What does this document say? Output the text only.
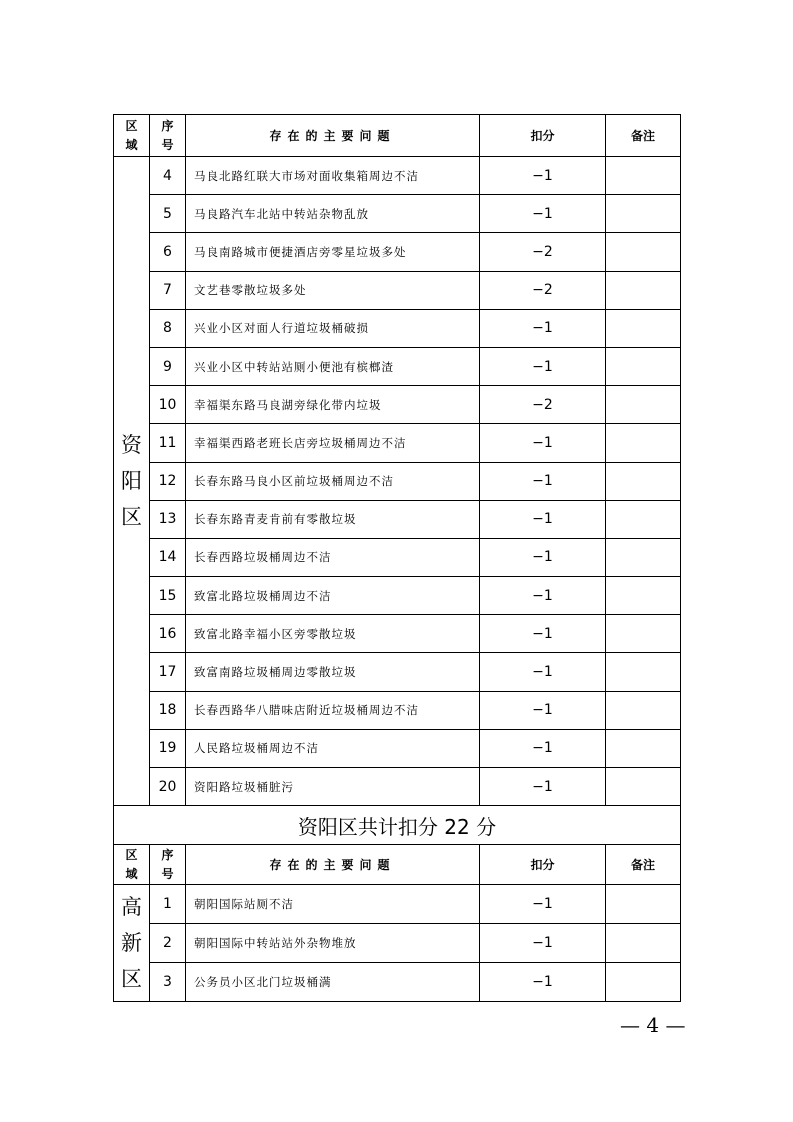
区
域	序
号	存在的主要问题	扣分	备注

资
阳
区	4	马良北路红联大市场对面收集箱周边不洁	−1	
	5	马良路汽车北站中转站杂物乱放	−1	
	6	马良南路城市便捷酒店旁零星垃圾多处	−2	
	7	文艺巷零散垃圾多处	−2	
	8	兴业小区对面人行道垃圾桶破损	−1	
	9	兴业小区中转站站厕小便池有槟榔渣	−1	
	10	幸福渠东路马良湖旁绿化带内垃圾	−2	
	11	幸福渠西路老班长店旁垃圾桶周边不洁	−1	
	12	长春东路马良小区前垃圾桶周边不洁	−1	
	13	长春东路青麦肯前有零散垃圾	−1	
	14	长春西路垃圾桶周边不洁	−1	
	15	致富北路垃圾桶周边不洁	−1	
	16	致富北路幸福小区旁零散垃圾	−1	
	17	致富南路垃圾桶周边零散垃圾	−1	
	18	长春西路华八腊味店附近垃圾桶周边不洁	−1	
	19	人民路垃圾桶周边不洁	−1	
	20	资阳路垃圾桶脏污	−1	
资阳区共计扣分 22 分				
区
域	序
号	存在的主要问题	扣分	备注

高
新
区	1	朝阳国际站厕不洁	−1	
	2	朝阳国际中转站站外杂物堆放	−1	
	3	公务员小区北门垃圾桶满	−1	
— 4 —
